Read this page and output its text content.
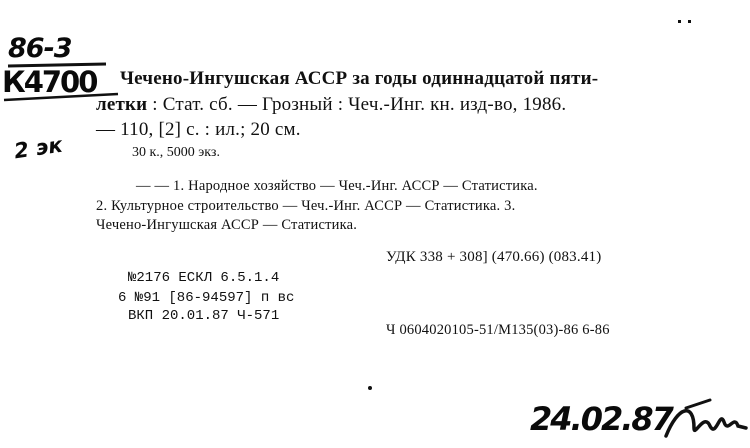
86-3
К4700
2 эк
Чечено-Ингушская АССР за годы одиннадцатой пяти-
летки : Стат. сб. — Грозный : Чеч.-Инг. кн. изд-во, 1986.
— 110, [2] с. : ил.; 20 см.
30 к., 5000 экз.
— — 1. Народное хозяйство — Чеч.-Инг. АССР — Статистика.
2. Культурное строительство — Чеч.-Инг. АССР — Статистика. 3.
Чечено-Ингушская АССР — Статистика.
УДК 338 + 308] (470.66) (083.41)
№2176 ЕСКЛ 6.5.1.4
6 №91 [86-94597] п вс
ВКП 20.01.87 Ч-571
Ч 0604020105-51/М135(03)-86 6-86
24.02.87
